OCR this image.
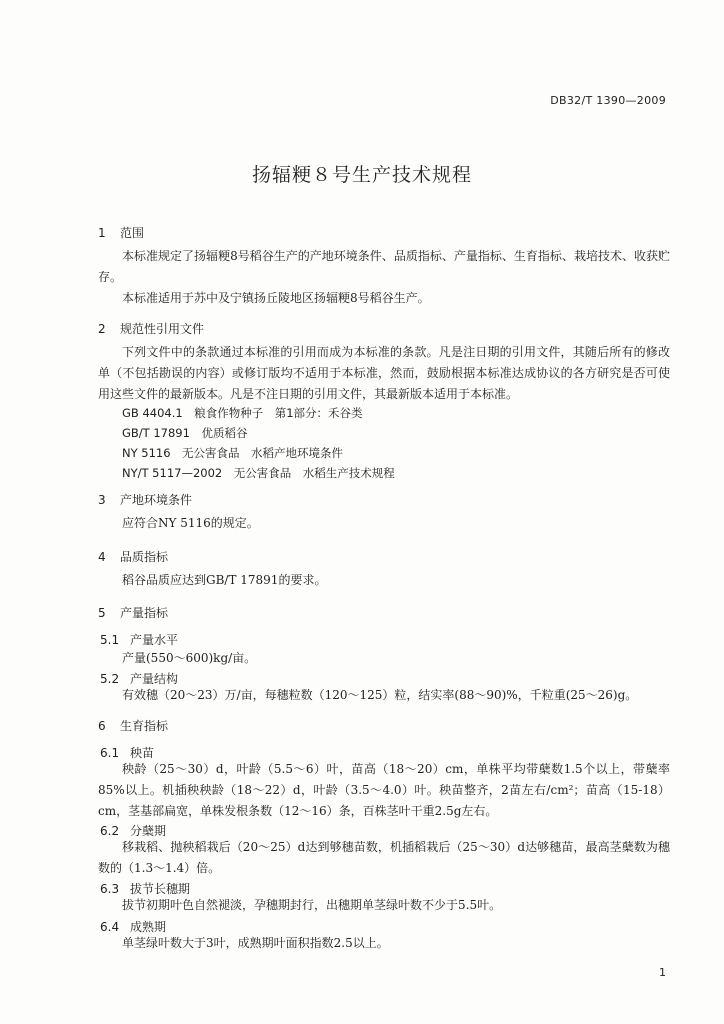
DB32/T 1390—2009
扬辐粳８号生产技术规程
1 范围
本标准规定了扬辐粳8号稻谷生产的产地环境条件、品质指标、产量指标、生育指标、栽培技术、收获贮存。
本标准适用于苏中及宁镇扬丘陵地区扬辐粳8号稻谷生产。
2 规范性引用文件
下列文件中的条款通过本标准的引用而成为本标准的条款。凡是注日期的引用文件，其随后所有的修改单（不包括勘误的内容）或修订版均不适用于本标准，然而，鼓励根据本标准达成协议的各方研究是否可使用这些文件的最新版本。凡是不注日期的引用文件，其最新版本适用于本标准。
GB 4404.1　粮食作物种子　第1部分：禾谷类
GB/T 17891　优质稻谷
NY 5116　无公害食品　水稻产地环境条件
NY/T 5117—2002　无公害食品　水稻生产技术规程
3 产地环境条件
应符合NY 5116的规定。
4 品质指标
稻谷品质应达到GB/T 17891的要求。
5 产量指标
5.1 产量水平
产量(550～600)kg/亩。
5.2 产量结构
有效穗（20～23）万/亩，每穗粒数（120～125）粒，结实率(88～90)%，千粒重(25～26)g。
6 生育指标
6.1 秧苗
秧龄（25～30）d，叶龄（5.5～6）叶，苗高（18～20）cm，单株平均带蘖数1.5个以上，带蘖率85%以上。机插秧秧龄（18～22）d，叶龄（3.5～4.0）叶。秧苗整齐，2苗左右/cm²；苗高（15-18）cm，茎基部扁宽，单株发根条数（12～16）条，百株茎叶干重2.5g左右。
6.2 分蘖期
移栽稻、抛秧稻栽后（20～25）d达到够穗苗数，机插稻栽后（25～30）d达够穗苗，最高茎蘖数为穗数的（1.3～1.4）倍。
6.3 拔节长穗期
拔节初期叶色自然褪淡，孕穗期封行，出穗期单茎绿叶数不少于5.5叶。
6.4 成熟期
单茎绿叶数大于3叶，成熟期叶面积指数2.5以上。
1
